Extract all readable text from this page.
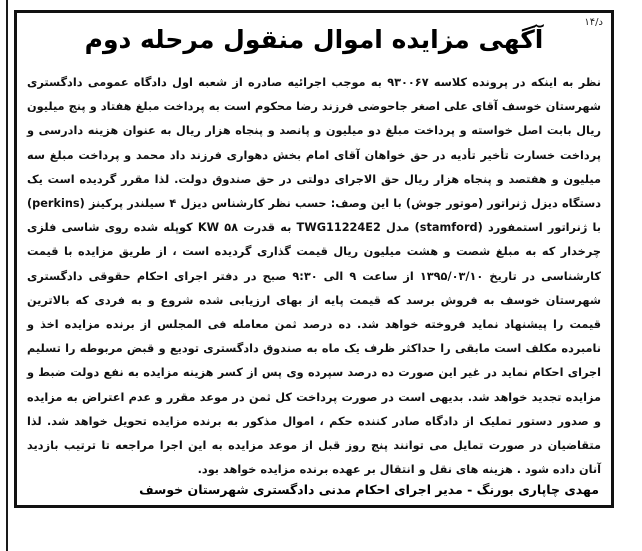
د/۱۴
آگهی مزایده اموال منقول مرحله دوم
نظر به اینکه در پرونده کلاسه ۹۳۰۰۶۷ به موجب اجرائیه صادره از شعبه اول دادگاه عمومی دادگستری شهرستان خوسف آقای علی اصغر جاحوضی فرزند رضا محکوم است به پرداخت مبلغ هفتاد و پنج میلیون ریال بابت اصل خواسته و پرداخت مبلغ دو میلیون و پانصد و پنجاه هزار ریال به عنوان هزینه دادرسی و پرداخت خسارت تأخیر تأدیه در حق خواهان آقای امام بخش دهواری فرزند داد محمد و پرداخت مبلغ سه میلیون و هفتصد و پنجاه هزار ریال حق الاجرای دولتی در حق صندوق دولت. لذا مقرر گردیده است یک دستگاه دیزل ژنراتور (موتور جوش) با این وصف: حسب نظر کارشناس دیزل ۴ سیلندر پرکینز (perkins) با ژنراتور استمفورد (stamford) مدل TWG11224E2 به قدرت ۵۸ KW کوپله شده روی شاسی فلزی چرخدار که به مبلغ شصت و هشت میلیون ریال قیمت گذاری گردیده است ، از طریق مزایده با قیمت کارشناسی در تاریخ ۱۳۹۵/۰۳/۱۰ از ساعت ۹ الی ۹:۳۰ صبح در دفتر اجرای احکام حقوقی دادگستری شهرستان خوسف به فروش برسد که قیمت پایه از بهای ارزیابی شده شروع و به فردی که بالاترین قیمت را پیشنهاد نماید فروخته خواهد شد. ده درصد ثمن معامله فی المجلس از برنده مزایده اخذ و نامبرده مکلف است مابقی را حداکثر ظرف یک ماه به صندوق دادگستری تودیع و قبض مربوطه را تسلیم اجرای احکام نماید در غیر این صورت ده درصد سپرده وی پس از کسر هزینه مزایده به نفع دولت ضبط و مزایده تجدید خواهد شد. بدیهی است در صورت پرداخت کل ثمن در موعد مقرر و عدم اعتراض به مزایده و صدور دستور تملیک از دادگاه صادر کننده حکم ، اموال مذکور به برنده مزایده تحویل خواهد شد. لذا متقاضیان در صورت تمایل می توانند پنج روز قبل از موعد مزایده به این اجرا مراجعه تا ترتیب بازدید آنان داده شود . هزینه های نقل و انتقال بر عهده برنده مزایده خواهد بود.
مهدی چاپاری بورنگ - مدیر اجرای احکام مدنی دادگستری شهرستان خوسف
